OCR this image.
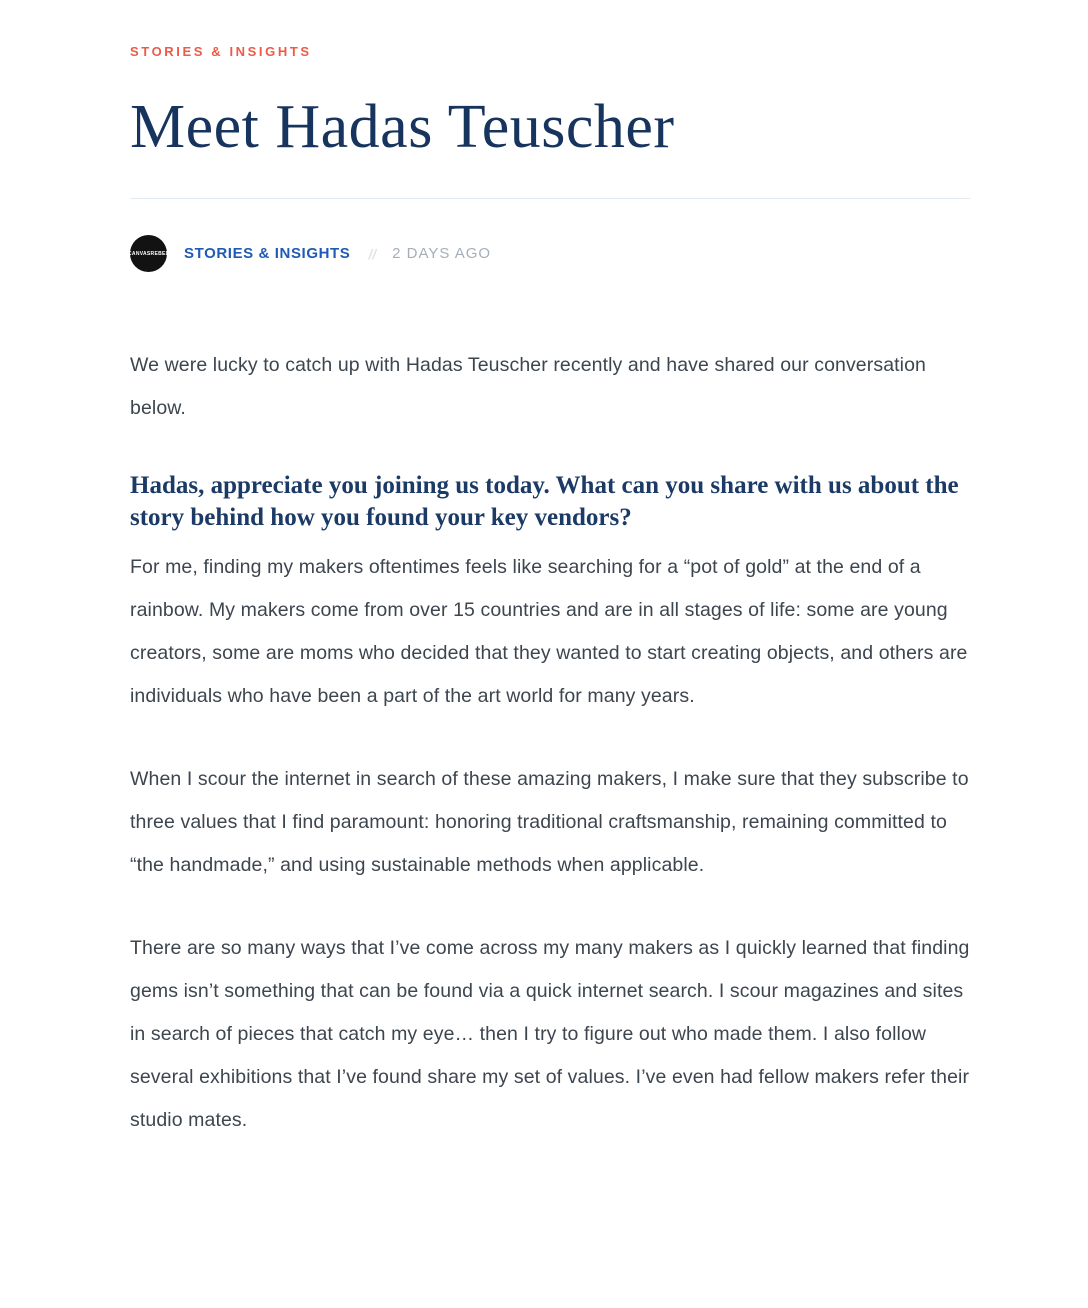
STORIES & INSIGHTS
Meet Hadas Teuscher
CANVASREBEL STORIES & INSIGHTS // 2 DAYS AGO

We were lucky to catch up with Hadas Teuscher recently and have shared our conversation below.

Hadas, appreciate you joining us today. What can you share with us about the story behind how you found your key vendors?

For me, finding my makers oftentimes feels like searching for a “pot of gold” at the end of a rainbow. My makers come from over 15 countries and are in all stages of life: some are young creators, some are moms who decided that they wanted to start creating objects, and others are individuals who have been a part of the art world for many years.

When I scour the internet in search of these amazing makers, I make sure that they subscribe to three values that I find paramount: honoring traditional craftsmanship, remaining committed to “the handmade,” and using sustainable methods when applicable.

There are so many ways that I’ve come across my many makers as I quickly learned that finding gems isn’t something that can be found via a quick internet search. I scour magazines and sites in search of pieces that catch my eye… then I try to figure out who made them. I also follow several exhibitions that I’ve found share my set of values. I’ve even had fellow makers refer their studio mates.
